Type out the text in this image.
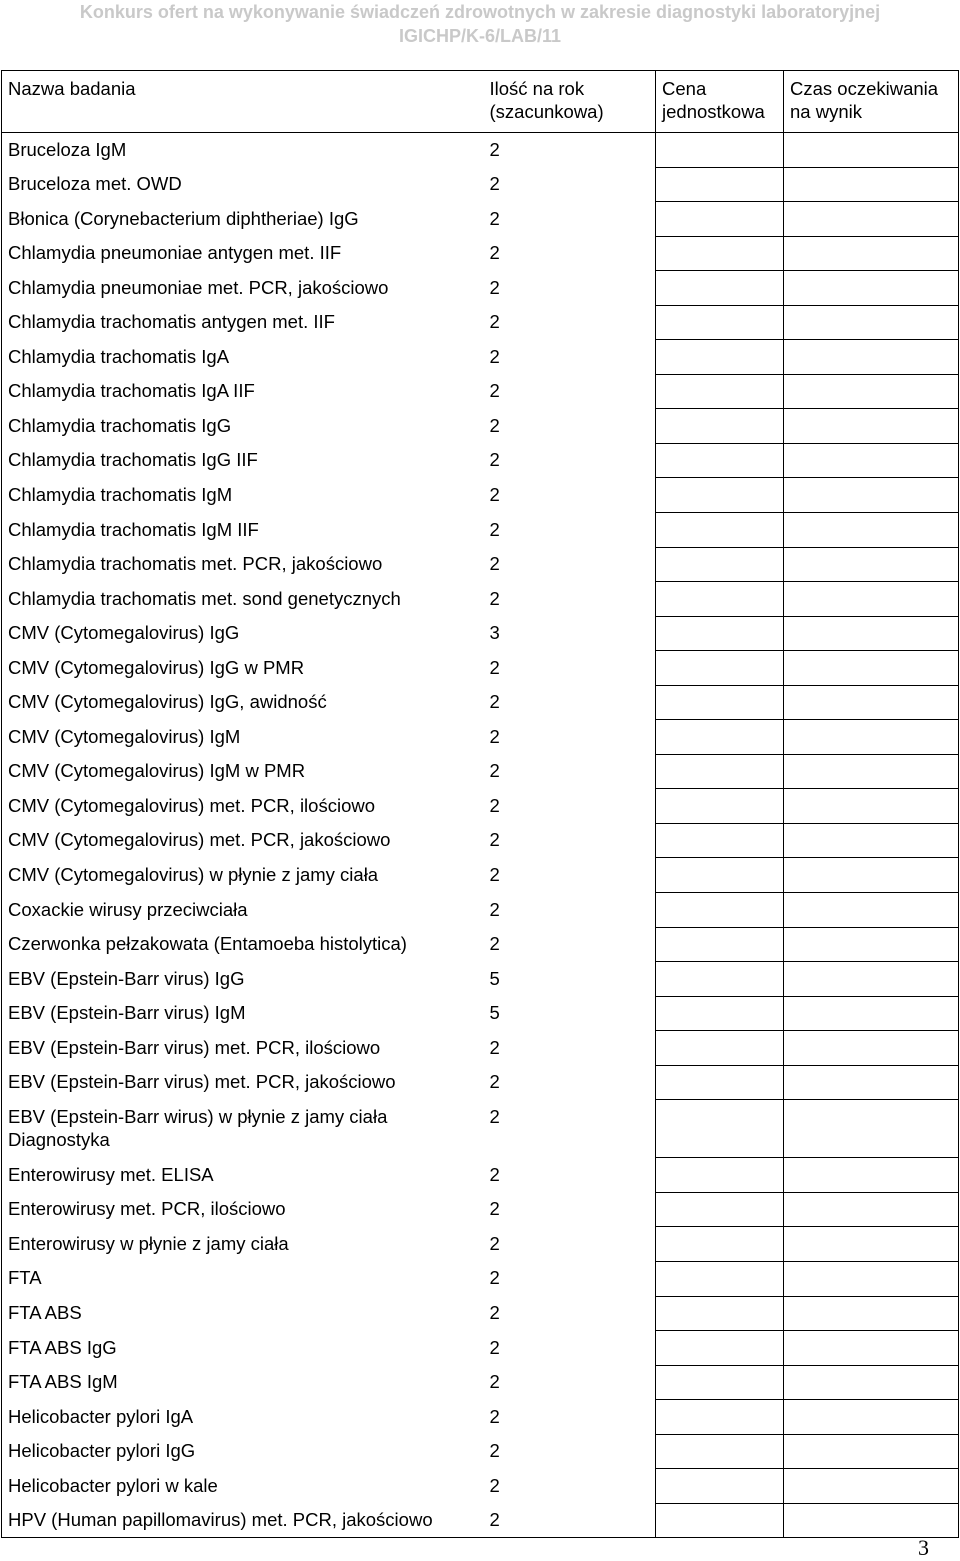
Konkurs ofert na wykonywanie świadczeń zdrowotnych w zakresie diagnostyki laboratoryjnej
IGICHP/K-6/LAB/11
Nazwa badania	Ilość na rok (szacunkowa)	Cena jednostkowa	Czas oczekiwania na wynik
Bruceloza IgM	2		
Bruceloza met. OWD	2		
Błonica (Corynebacterium diphtheriae) IgG	2		
Chlamydia pneumoniae antygen met. IIF	2		
Chlamydia pneumoniae met. PCR, jakościowo	2		
Chlamydia trachomatis antygen met. IIF	2		
Chlamydia trachomatis IgA	2		
Chlamydia trachomatis IgA IIF	2		
Chlamydia trachomatis IgG	2		
Chlamydia trachomatis IgG IIF	2		
Chlamydia trachomatis IgM	2		
Chlamydia trachomatis IgM IIF	2		
Chlamydia trachomatis met. PCR, jakościowo	2		
Chlamydia trachomatis met. sond genetycznych	2		
CMV (Cytomegalovirus) IgG	3		
CMV (Cytomegalovirus) IgG w PMR	2		
CMV (Cytomegalovirus) IgG, awidność	2		
CMV (Cytomegalovirus) IgM	2		
CMV (Cytomegalovirus) IgM w PMR	2		
CMV (Cytomegalovirus) met. PCR, ilościowo	2		
CMV (Cytomegalovirus) met. PCR, jakościowo	2		
CMV (Cytomegalovirus) w płynie z jamy ciała	2		
Coxackie wirusy przeciwciała	2		
Czerwonka pełzakowata (Entamoeba histolytica)	2		
EBV (Epstein-Barr virus) IgG	5		
EBV (Epstein-Barr virus) IgM	5		
EBV (Epstein-Barr virus) met. PCR, ilościowo	2		
EBV (Epstein-Barr virus) met. PCR, jakościowo	2		
EBV (Epstein-Barr wirus) w płynie z jamy ciała Diagnostyka	2		
Enterowirusy met. ELISA	2		
Enterowirusy met. PCR, ilościowo	2		
Enterowirusy w płynie z jamy ciała	2		
FTA	2		
FTA ABS	2		
FTA ABS IgG	2		
FTA ABS IgM	2		
Helicobacter pylori IgA	2		
Helicobacter pylori IgG	2		
Helicobacter pylori w kale	2		
HPV (Human papillomavirus) met. PCR, jakościowo	2		
3
